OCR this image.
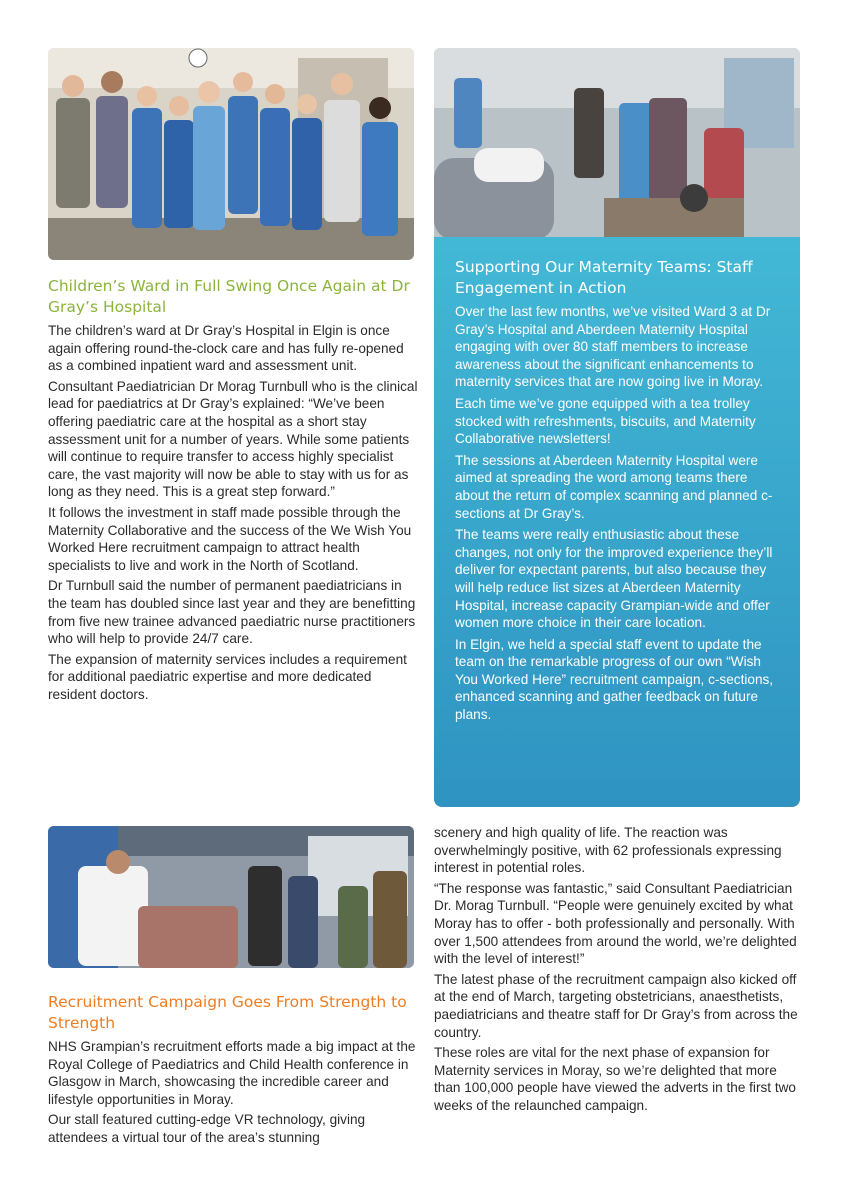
Children’s Ward in Full Swing Once Again at Dr Gray’s Hospital

The children’s ward at Dr Gray’s Hospital in Elgin is once again offering round-the-clock care and has fully re-opened as a combined inpatient ward and assessment unit.

Consultant Paediatrician Dr Morag Turnbull who is the clinical lead for paediatrics at Dr Gray’s explained: “We’ve been offering paediatric care at the hospital as a short stay assessment unit for a number of years. While some patients will continue to require transfer to access highly specialist care, the vast majority will now be able to stay with us for as long as they need. This is a great step forward.”

It follows the investment in staff made possible through the Maternity Collaborative and the success of the We Wish You Worked Here recruitment campaign to attract health specialists to live and work in the North of Scotland.

Dr Turnbull said the number of permanent paediatricians in the team has doubled since last year and they are benefitting from five new trainee advanced paediatric nurse practitioners who will help to provide 24/7 care.

The expansion of maternity services includes a requirement for additional paediatric expertise and more dedicated resident doctors.

Supporting Our Maternity Teams: Staff Engagement in Action

Over the last few months, we’ve visited Ward 3 at Dr Gray’s Hospital and Aberdeen Maternity Hospital engaging with over 80 staff members to increase awareness about the significant enhancements to maternity services that are now going live in Moray.

Each time we’ve gone equipped with a tea trolley stocked with refreshments, biscuits, and Maternity Collaborative newsletters!

The sessions at Aberdeen Maternity Hospital were aimed at spreading the word among teams there about the return of complex scanning and planned c-sections at Dr Gray’s.

The teams were really enthusiastic about these changes, not only for the improved experience they’ll deliver for expectant parents, but also because they will help reduce list sizes at Aberdeen Maternity Hospital, increase capacity Grampian-wide and offer women more choice in their care location.

In Elgin, we held a special staff event to update the team on the remarkable progress of our own “Wish You Worked Here” recruitment campaign, c-sections, enhanced scanning and gather feedback on future plans.

Recruitment Campaign Goes From Strength to Strength

NHS Grampian’s recruitment efforts made a big impact at the Royal College of Paediatrics and Child Health conference in Glasgow in March, showcasing the incredible career and lifestyle opportunities in Moray.

Our stall featured cutting-edge VR technology, giving attendees a virtual tour of the area’s stunning

scenery and high quality of life. The reaction was overwhelmingly positive, with 62 professionals expressing interest in potential roles.

“The response was fantastic,” said Consultant Paediatrician Dr. Morag Turnbull. “People were genuinely excited by what Moray has to offer - both professionally and personally. With over 1,500 attendees from around the world, we’re delighted with the level of interest!”

The latest phase of the recruitment campaign also kicked off at the end of March, targeting obstetricians, anaesthetists, paediatricians and theatre staff for Dr Gray’s from across the country.

These roles are vital for the next phase of expansion for Maternity services in Moray, so we’re delighted that more than 100,000 people have viewed the adverts in the first two weeks of the relaunched campaign.
